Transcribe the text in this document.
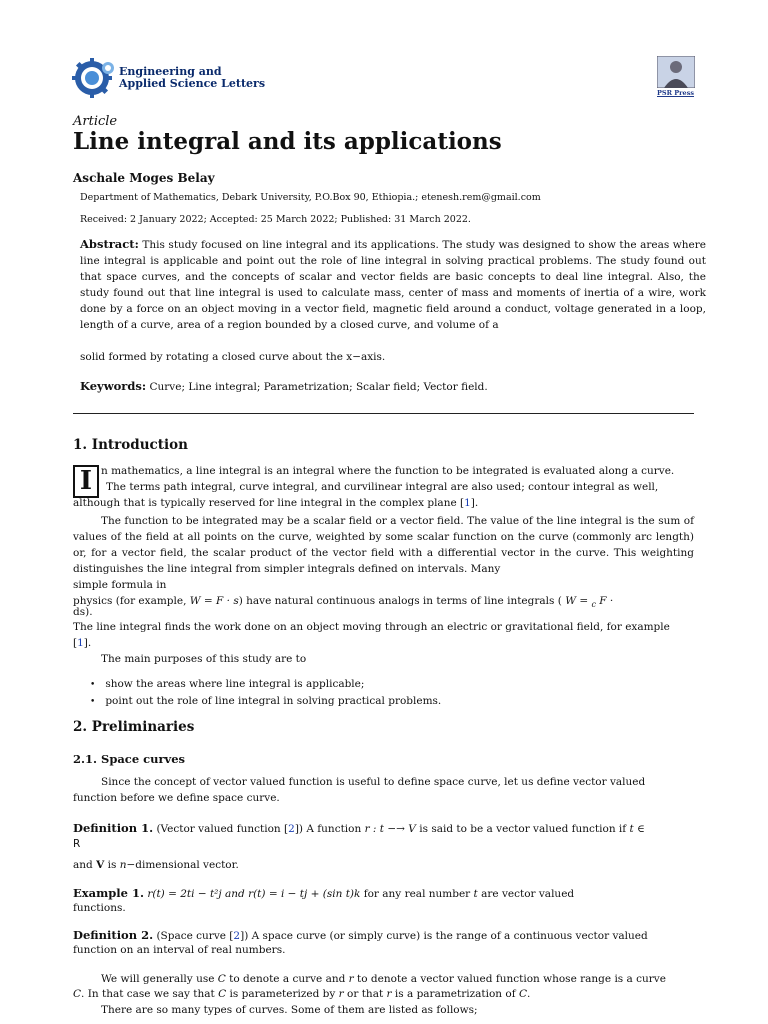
Engineering and
Applied Science Letters
PSR Press
Article
Line integral and its applications
Aschale Moges Belay
Department of Mathematics, Debark University, P.O.Box 90, Ethiopia.; etenesh.rem@gmail.com
Received: 2 January 2022; Accepted: 25 March 2022; Published: 31 March 2022.
Abstract: This study focused on line integral and its applications. The study was designed to show the areas where line integral is applicable and point out the role of line integral in solving practical problems. The study found out that space curves, and the concepts of scalar and vector fields are basic concepts to deal line integral. Also, the study found out that line integral is used to calculate mass, center of mass and moments of inertia of a wire, work done by a force on an object moving in a vector field, magnetic field around a conduct, voltage generated in a loop, length of a curve, area of a region bounded by a closed curve, and volume of a
solid formed by rotating a closed curve about the x−axis.
Keywords: Curve; Line integral; Parametrization; Scalar field; Vector field.
1. Introduction
I n mathematics, a line integral is an integral where the function to be integrated is evaluated along a curve.
The terms path integral, curve integral, and curvilinear integral are also used; contour integral as well,
although that is typically reserved for line integral in the complex plane [1].
The function to be integrated may be a scalar field or a vector field. The value of the line integral is the sum of values of the field at all points on the curve, weighted by some scalar function on the curve (commonly arc length) or, for a vector field, the scalar product of the vector field with a differential vector in the curve. This weighting distinguishes the line integral from simpler integrals defined on intervals. Many
simple formula in
physics (for example, W = F · s) have natural continuous analogs in terms of line integrals ( W = $_c$ F ·
ds).
The line integral finds the work done on an object moving through an electric or gravitational field, for example
[1].
The main purposes of this study are to
• show the areas where line integral is applicable;
• point out the role of line integral in solving practical problems.
2. Preliminaries
2.1. Space curves
Since the concept of vector valued function is useful to define space curve, let us define vector valued
function before we define space curve.
Definition 1. (Vector valued function [2]) A function r : t −→ V is said to be a vector valued function if t ∈
R
and V is n−dimensional vector.
Example 1. r(t) = 2ti − t²j and r(t) = i − tj + (sin t)k for any real number t are vector valued
functions.
Definition 2. (Space curve [2]) A space curve (or simply curve) is the range of a continuous vector valued
function on an interval of real numbers.
We will generally use C to denote a curve and r to denote a vector valued function whose range is a curve
C. In that case we say that C is parameterized by r or that r is a parametrization of C.
There are so many types of curves. Some of them are listed as follows;
